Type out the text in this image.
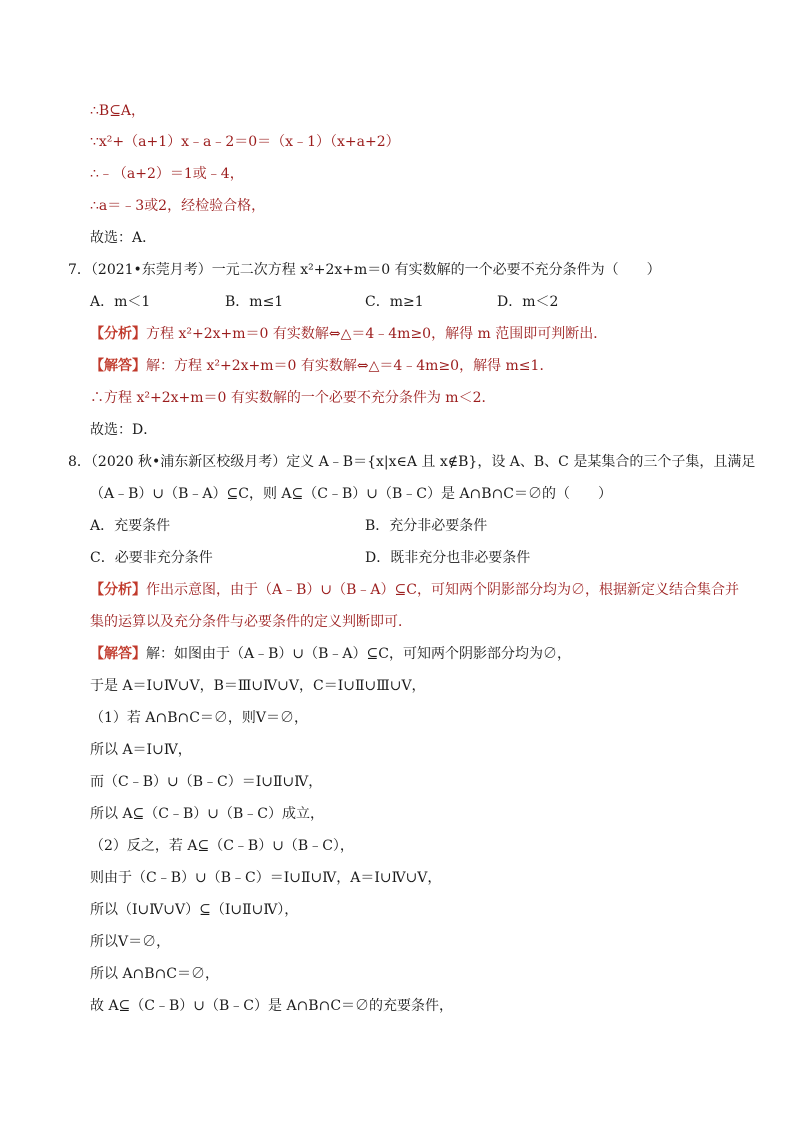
∴B⊆A，
∵x²+（a+1）x﹣a﹣2＝0＝（x﹣1）（x+a+2）
∴﹣（a+2）＝1或﹣4，
∴a＝﹣3或2，经检验合格，
故选：A．
7．（2021•东莞月考）一元二次方程 x²+2x+m＝0 有实数解的一个必要不充分条件为（　　）
A．m＜1	B．m≤1	C．m≥1	D．m＜2
【分析】方程 x²+2x+m＝0 有实数解⇔△＝4﹣4m≥0，解得 m 范围即可判断出．
【解答】解：方程 x²+2x+m＝0 有实数解⇔△＝4﹣4m≥0，解得 m≤1．
∴方程 x²+2x+m＝0 有实数解的一个必要不充分条件为 m＜2．
故选：D．
8．（2020 秋•浦东新区校级月考）定义 A﹣B＝{x|x∈A 且 x∉B}，设 A、B、C 是某集合的三个子集，且满足
（A﹣B）∪（B﹣A）⊆C，则 A⊆（C﹣B）∪（B﹣C）是 A∩B∩C＝∅的（　　）
A．充要条件	B．充分非必要条件
C．必要非充分条件	D．既非充分也非必要条件
【分析】作出示意图，由于（A﹣B）∪（B﹣A）⊆C，可知两个阴影部分均为∅，根据新定义结合集合并
集的运算以及充分条件与必要条件的定义判断即可．
【解答】解：如图由于（A﹣B）∪（B﹣A）⊆C，可知两个阴影部分均为∅，
于是 A＝Ⅰ∪Ⅳ∪Ⅴ，B＝Ⅲ∪Ⅳ∪Ⅴ，C＝Ⅰ∪Ⅱ∪Ⅲ∪Ⅴ，
（1）若 A∩B∩C＝∅，则Ⅴ＝∅，
所以 A＝Ⅰ∪Ⅳ，
而（C﹣B）∪（B﹣C）＝Ⅰ∪Ⅱ∪Ⅳ，
所以 A⊆（C﹣B）∪（B﹣C）成立，
（2）反之，若 A⊆（C﹣B）∪（B﹣C），
则由于（C﹣B）∪（B﹣C）＝Ⅰ∪Ⅱ∪Ⅳ，A＝Ⅰ∪Ⅳ∪Ⅴ，
所以（Ⅰ∪Ⅳ∪Ⅴ）⊆（Ⅰ∪Ⅱ∪Ⅳ），
所以Ⅴ＝∅，
所以 A∩B∩C＝∅，
故 A⊆（C﹣B）∪（B﹣C）是 A∩B∩C＝∅的充要条件，
